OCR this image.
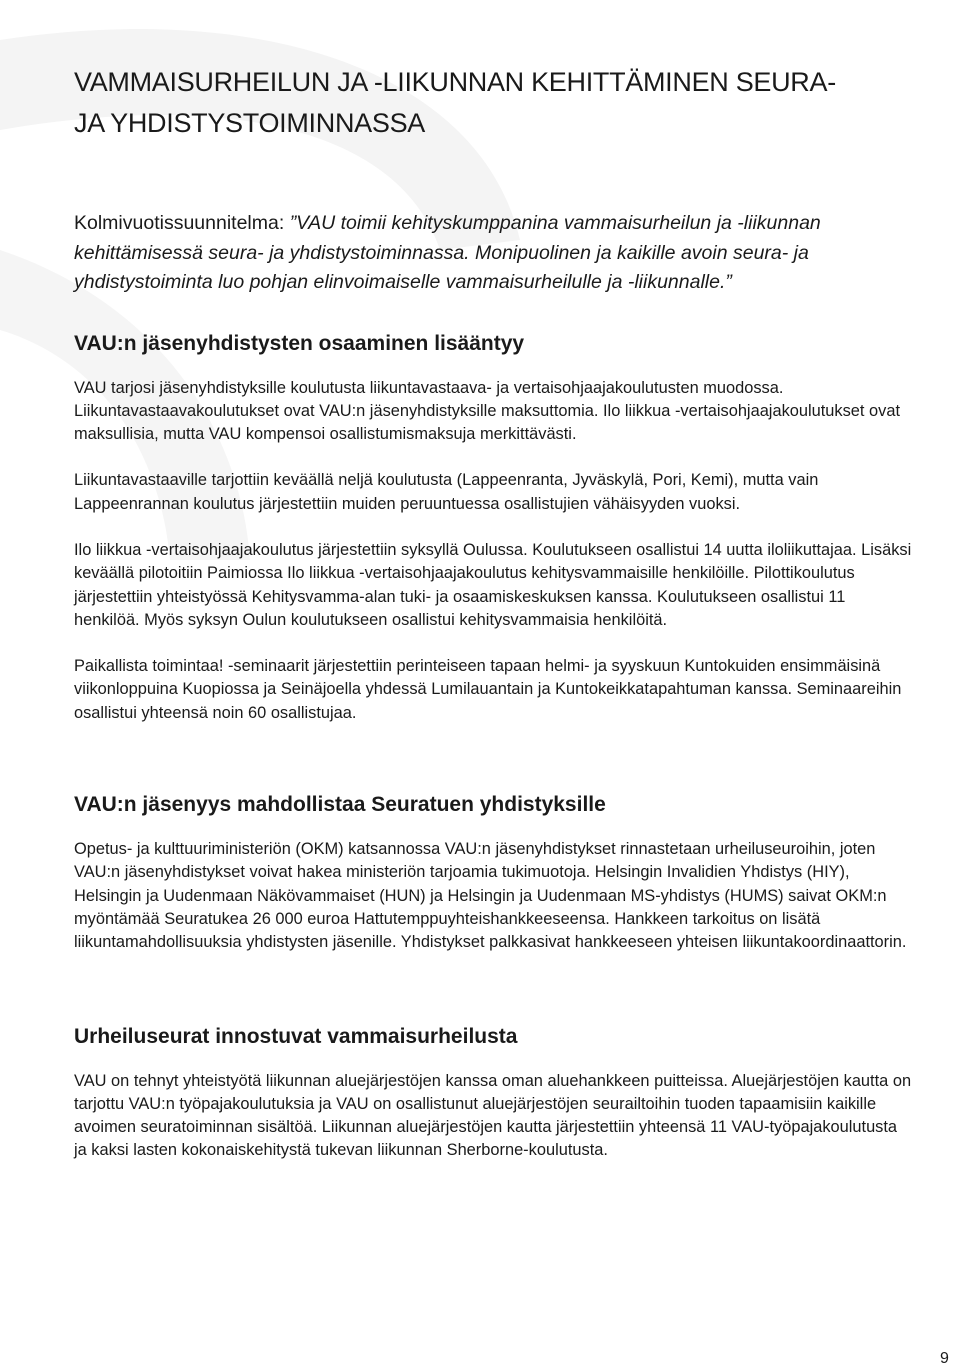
VAMMAISURHEILUN JA -LIIKUNNAN KEHITTÄMINEN SEURA-
JA YHDISTYSTOIMINNASSA

Kolmivuotissuunnitelma: ”VAU toimii kehityskumppanina vammaisurheilun ja -liikunnan kehittämisessä seura- ja yhdistystoiminnassa. Monipuolinen ja kaikille avoin seura- ja yhdistystoiminta luo pohjan elinvoimaiselle vammaisurheilulle ja -liikunnalle.”

VAU:n jäsenyhdistysten osaaminen lisääntyy

VAU tarjosi jäsenyhdistyksille koulutusta liikuntavastaava- ja vertaisohjaajakoulutusten muodossa. Liikuntavastaavakoulutukset ovat VAU:n jäsenyhdistyksille maksuttomia. Ilo liikkua -vertaisohjaajakoulutukset ovat maksullisia, mutta VAU kompensoi osallistumismaksuja merkittävästi.

Liikuntavastaaville tarjottiin keväällä neljä koulutusta (Lappeenranta, Jyväskylä, Pori, Kemi), mutta vain Lappeenrannan koulutus järjestettiin muiden peruuntuessa osallistujien vähäisyyden vuoksi.

Ilo liikkua -vertaisohjaajakoulutus järjestettiin syksyllä Oulussa. Koulutukseen osallistui 14 uutta iloliikuttajaa. Lisäksi keväällä pilotoitiin Paimiossa Ilo liikkua -vertaisohjaajakoulutus kehitysvammaisille henkilöille. Pilottikoulutus järjestettiin yhteistyössä Kehitysvamma-alan tuki- ja osaamiskeskuksen kanssa. Koulutukseen osallistui 11 henkilöä. Myös syksyn Oulun koulutukseen osallistui kehitysvammaisia henkilöitä.

Paikallista toimintaa! -seminaarit järjestettiin perinteiseen tapaan helmi- ja syyskuun Kuntokuiden ensimmäisinä viikonloppuina Kuopiossa ja Seinäjoella yhdessä Lumilauantain ja Kuntokeikkatapahtuman kanssa. Seminaareihin osallistui yhteensä noin 60 osallistujaa.

VAU:n jäsenyys mahdollistaa Seuratuen yhdistyksille

Opetus- ja kulttuuriministeriön (OKM) katsannossa VAU:n jäsenyhdistykset rinnastetaan urheiluseuroihin, joten VAU:n jäsenyhdistykset voivat hakea ministeriön tarjoamia tukimuotoja. Helsingin Invalidien Yhdistys (HIY), Helsingin ja Uudenmaan Näkövammaiset (HUN) ja Helsingin ja Uudenmaan MS-yhdistys (HUMS) saivat OKM:n myöntämää Seuratukea 26 000 euroa Hattutemppuyhteishankkeeseensa. Hankkeen tarkoitus on lisätä liikuntamahdollisuuksia yhdistysten jäsenille. Yhdistykset palkkasivat hankkeeseen yhteisen liikuntakoordinaattorin.

Urheiluseurat innostuvat vammaisurheilusta

VAU on tehnyt yhteistyötä liikunnan aluejärjestöjen kanssa oman aluehankkeen puitteissa. Aluejärjestöjen kautta on tarjottu VAU:n työpajakoulutuksia ja VAU on osallistunut aluejärjestöjen seurailtoihin tuoden tapaamisiin kaikille avoimen seuratoiminnan sisältöä. Liikunnan aluejärjestöjen kautta järjestettiin yhteensä 11 VAU-työpajakoulutusta ja kaksi lasten kokonaiskehitystä tukevan liikunnan Sherborne-koulutusta.

9
